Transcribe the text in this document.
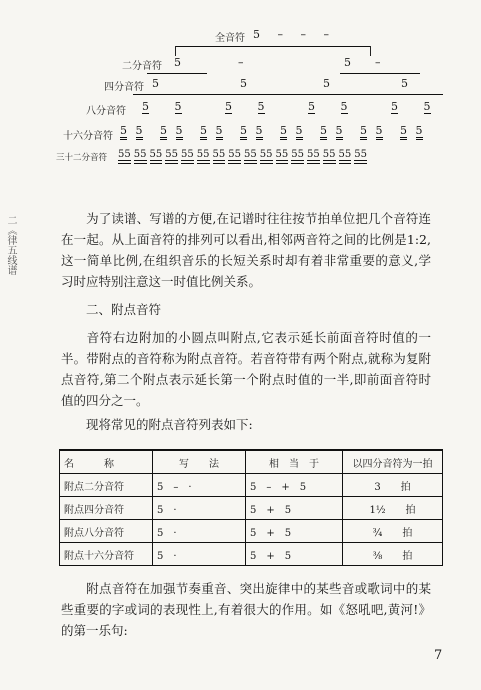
全音符 5 – – –
二分音符 5	–	5 –
四分音符 5	5	5	5
八分音符 5 5	5 5	5 5	5 5
十六分音符 5 5 5 5 5 5 5 5 5 5 5 5 5 5 5 5
三十二分音符 55 55 55 55 55 55 55 55 55 55 55 55 55 55 55 55
二《律五线谱	为了读谱、写谱的方便,在记谱时往往按节拍单位把几个音符连在一起。从上面音符的排列可以看出,相邻两音符之间的比例是1:2,这一简单比例,在组织音乐的长短关系时却有着非常重要的意义,学习时应特别注意这一时值比例关系。
二、附点音符
音符右边附加的小圆点叫附点,它表示延长前面音符时值的一半。带附点的音符称为附点音符。若音符带有两个附点,就称为复附点音符,第二个附点表示延长第一个附点时值的一半,即前面音符时值的四分之一。
现将常见的附点音符列表如下:
名　　　称	写　　法	相　当　于	以四分音符为一拍
附点二分音符	5　–　·	5　–　+　5	3　　拍
附点四分音符	5　·	5　+　5	1½　　拍
附点八分音符	5　·	5　+　5	¾　　拍
附点十六分音符	5　·	5　+　5	⅜　　拍
附点音符在加强节奏重音、突出旋律中的某些音或歌词中的某些重要的字或词的表现性上,有着很大的作用。如《怒吼吧,黄河!》的第一乐句:
7
